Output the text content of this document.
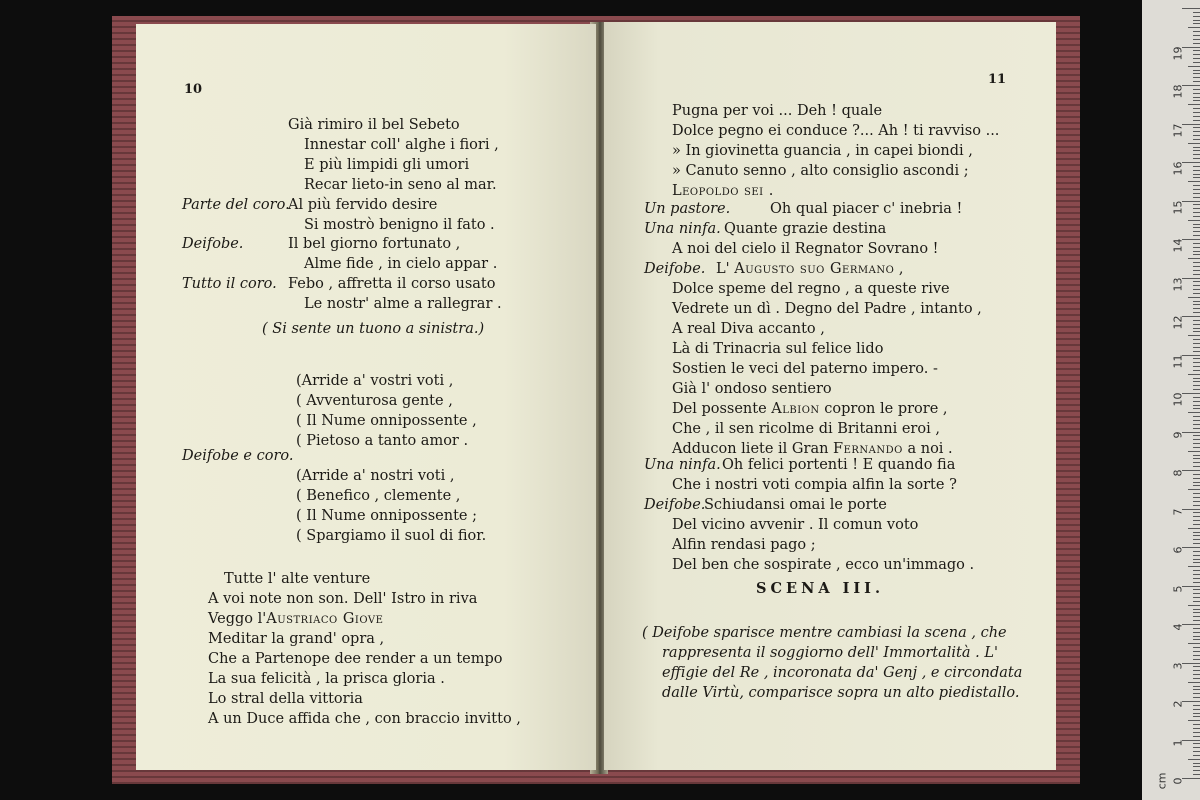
10
( Si sente un tuono a sinistra.)
Veggo l'Austriaco Giove
Già rimiro il bel Sebeto
Innestar coll' alghe i fiori ,
E più limpidi gli umori
Recar lieto-in seno al mar.
Al più fervido desire
Si mostrò benigno il fato .
Il bel giorno fortunato ,
Alme fide , in cielo appar .
Febo , affretta il corso usato
Le nostr' alme a rallegrar .
(Arride a' vostri voti ,
( Avventurosa gente ,
( Il Nume onnipossente ,
( Pietoso a tanto amor .
(Arride a' nostri voti ,
( Benefico , clemente ,
( Il Nume onnipossente ;
( Spargiamo il suol di fior.
Tutte l' alte venture
A voi note non son. Dell' Istro in riva
Meditar la grand' opra ,
Che a Partenope dee render a un tempo
La sua felicità , la prisca gloria .
Lo stral della vittoria
A un Duce affida che , con braccio invitto ,
Parte del coro.
Deifobe.
Tutto il coro.
Deifobe e coro.
11
Leopoldo sei .
L' Augusto suo Germano ,
Del possente Albion copron le prore ,
Adducon liete il Gran Fernando a noi .
SCENA III.
( Deifobe sparisce mentre cambiasi la scena , che
rappresenta il soggiorno dell' Immortalità . L'
effigie del Re , incoronata da' Genj , e circondata
dalle Virtù, comparisce sopra un alto piedistallo.
Pugna per voi ... Deh ! quale
Dolce pegno ei conduce ?... Ah ! ti ravviso ...
» In giovinetta guancia , in capei biondi ,
» Canuto senno , alto consiglio ascondi ;
Oh qual piacer c' inebria !
Quante grazie destina
A noi del cielo il Regnator Sovrano !
Dolce speme del regno , a queste rive
Vedrete un dì . Degno del Padre , intanto ,
A real Diva accanto ,
Là di Trinacria sul felice lido
Sostien le veci del paterno impero. -
Già l' ondoso sentiero
Che , il sen ricolme di Britanni eroi ,
Oh felici portenti ! E quando fia
Che i nostri voti compia alfin la sorte ?
Schiudansi omai le porte
Del vicino avvenir . Il comun voto
Alfin rendasi pago ;
Del ben che sospirate , ecco un'immago .
Un pastore.
Una ninfa.
Deifobe.
Una ninfa.
Deifobe.
0
1
2
3
4
5
6
7
8
9
10
11
12
13
14
15
16
17
18
19
cm
